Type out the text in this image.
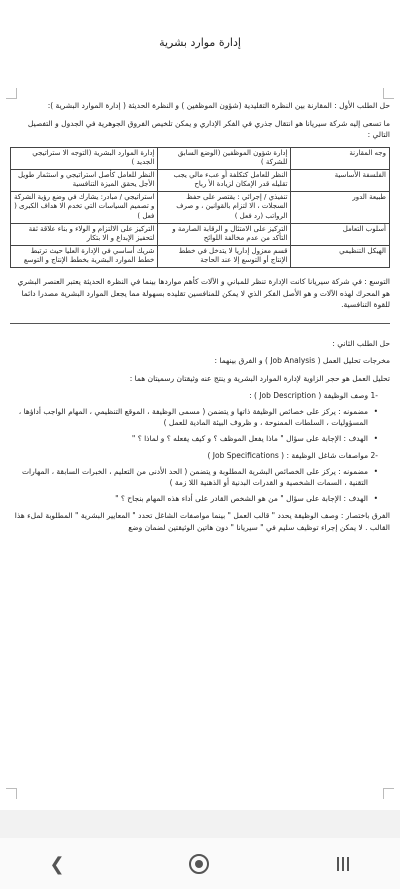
إدارة موارد بشرية

حل الطلب الأول : المقارنة بين النظرة التقليدية (شؤون الموظفين ) و النظرة الحديثة ( إدارة الموارد البشرية ):

ما تسعى إليه شركة سيريانا هو انتقال جذري في الفكر الإداري و يمكن تلخيص الفروق الجوهرية في الجدول و التفصيل التالي :

وجه المقارنة	إدارة شؤون الموظفين (الوضع السابق للشركة )	إدارة الموارد البشرية (التوجه الا ستراتيجي الجديد )
الفلسفة الأساسية	النظر للعامل كتكلفة أو عبء مالي يجب تقليله قدر الإمكان لزيادة الأ رباح	النظر للعامل كأصل استراتيجي و استثمار طويل الأجل يحقق الميزة التنافسية
طبيعة الدور	تنفيذي / إجرائي : يقتصر على حفظ السجلات ، الا لتزام بالقوانين ، و صرف الرواتب (رد فعل )	استراتيجي / مبادر: يشارك في وضع رؤية الشركة و تصميم السياسات التي تخدم الا هداف الكبرى ( فعل )
أسلوب التعامل	التركيز على الامتثال و الرقابة الصارمة و التأكد من عدم مخالفة اللوائح	التركيز على الالتزام و الولاء و بناء علاقة ثقة لتحفيز الإبداع و الا بتكار
الهيكل التنظيمي	قسم معزول إداريا لا يتدخل في خطط الإنتاج أو التوسع إلا عند الحاجة	شريك أساسي في الإدارة العليا حيث ترتبط خطط الموارد البشرية بخطط الإنتاج و التوسع

التوسع : في شركة سيريانا كانت الإدارة تنظر للمباني و الآلات كأهم مواردها بينما في النظرة الحديثة يعتبر العنصر البشري هو المحرك لهذه الآلات و هو الأصل الفكر الذي لا يمكن للمنافسين تقليده بسهولة مما يجعل الموارد البشرية مصدرا دائما للقوة التنافسية.

حل الطلب الثاني :

مخرجات تحليل العمل ( Job Analysis ) و الفرق بينهما :

تحليل العمل هو حجر الزاوية لإدارة الموارد البشرية و ينتج عنه وثيقتان رسميتان هما :

-1 وصف الوظيفة ( Job Description ) :
• مضمونه : يركز على خصائص الوظيفة ذاتها و يتضمن ( مسمى الوظيفة ، الموقع التنظيمي ، المهام الواجب أداؤها ، المسؤوليات ، السلطات الممنوحة ، و ظروف البيئة المادية للعمل )
• الهدف : الإجابة على سؤال " ماذا يفعل الموظف ؟ و كيف يفعله ؟ و لماذا ؟ "
-2 مواصفات شاغل الوظيفة : ( Job Specifications )
• مضمونه : يركز على الخصائص البشرية المطلوبة و يتضمن ( الحد الأدنى من التعليم ، الخبرات السابقة ، المهارات التقنية ، السمات الشخصية و القدرات البدنية أو الذهنية اللا زمة )
• الهدف : الإجابة على سؤال " من هو الشخص القادر على أداء هذه المهام بنجاح ؟ "

الفرق باختصار : وصف الوظيفة يحدد " قالب العمل " بينما مواصفات الشاغل تحدد " المعايير البشرية " المطلوبة لملء هذا القالب . لا يمكن إجراء توظيف سليم في " سيريانا " دون هاتين الوثيقتين لضمان وضع

❮
